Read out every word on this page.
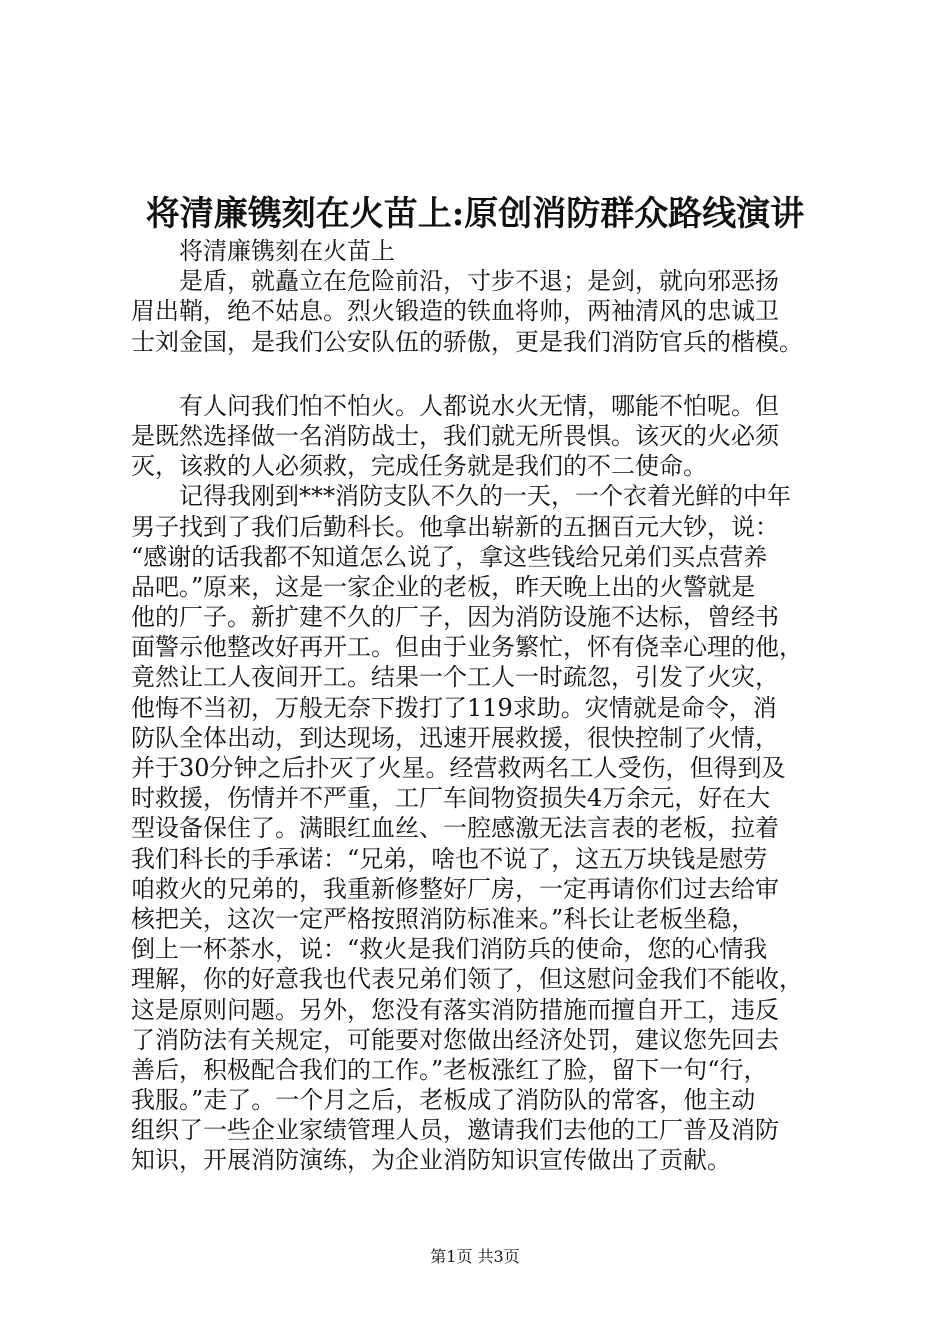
将清廉镌刻在火苗上:原创消防群众路线演讲
将清廉镌刻在火苗上
是盾，就矗立在危险前沿，寸步不退；是剑，就向邪恶扬
眉出鞘，绝不姑息。烈火锻造的铁血将帅，两袖清风的忠诚卫
士刘金国，是我们公安队伍的骄傲，更是我们消防官兵的楷模。
有人问我们怕不怕火。人都说水火无情，哪能不怕呢。但
是既然选择做一名消防战士，我们就无所畏惧。该灭的火必须
灭，该救的人必须救，完成任务就是我们的不二使命。
记得我刚到***消防支队不久的一天，一个衣着光鲜的中年
男子找到了我们后勤科长。他拿出崭新的五捆百元大钞，说：
“感谢的话我都不知道怎么说了，拿这些钱给兄弟们买点营养
品吧。”原来，这是一家企业的老板，昨天晚上出的火警就是
他的厂子。新扩建不久的厂子，因为消防设施不达标，曾经书
面警示他整改好再开工。但由于业务繁忙，怀有侥幸心理的他，
竟然让工人夜间开工。结果一个工人一时疏忽，引发了火灾，
他悔不当初，万般无奈下拨打了119求助。灾情就是命令，消
防队全体出动，到达现场，迅速开展救援，很快控制了火情，
并于30分钟之后扑灭了火星。经营救两名工人受伤，但得到及
时救援，伤情并不严重，工厂车间物资损失4万余元，好在大
型设备保住了。满眼红血丝、一腔感激无法言表的老板，拉着
我们科长的手承诺：“兄弟，啥也不说了，这五万块钱是慰劳
咱救火的兄弟的，我重新修整好厂房，一定再请你们过去给审
核把关，这次一定严格按照消防标准来。”科长让老板坐稳，
倒上一杯茶水，说：“救火是我们消防兵的使命，您的心情我
理解，你的好意我也代表兄弟们领了，但这慰问金我们不能收，
这是原则问题。另外，您没有落实消防措施而擅自开工，违反
了消防法有关规定，可能要对您做出经济处罚，建议您先回去
善后，积极配合我们的工作。”老板涨红了脸，留下一句“行，
我服。”走了。一个月之后，老板成了消防队的常客，他主动
组织了一些企业家绩管理人员，邀请我们去他的工厂普及消防
知识，开展消防演练，为企业消防知识宣传做出了贡献。
第1页 共3页
